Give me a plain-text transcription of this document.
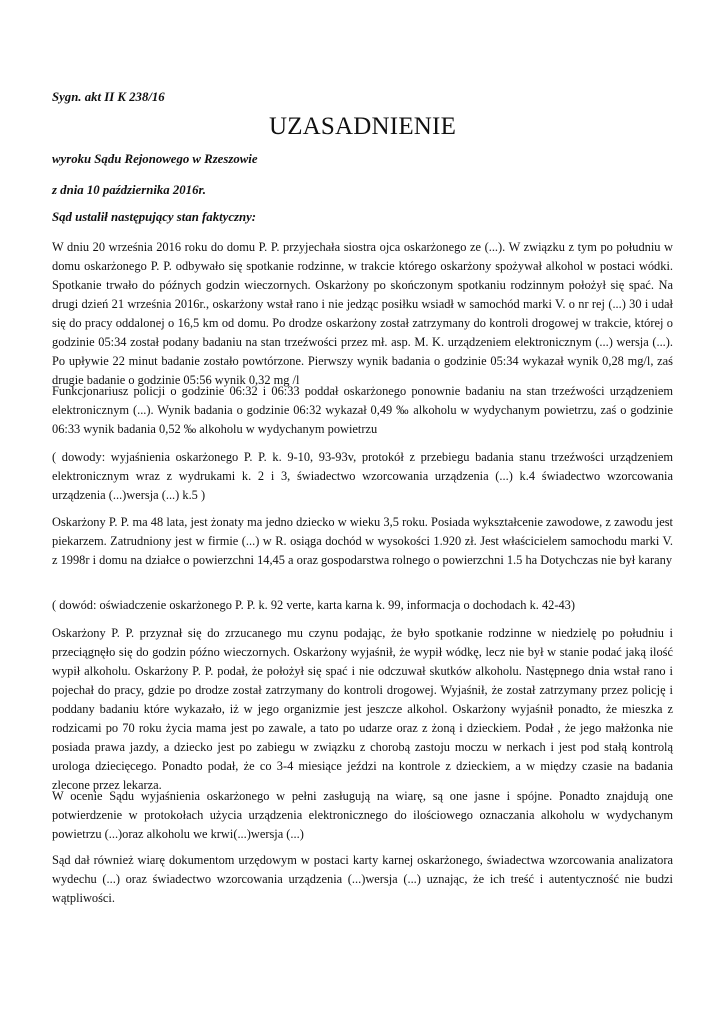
Sygn. akt II K 238/16
UZASADNIENIE
wyroku Sądu Rejonowego w Rzeszowie
z dnia 10 października 2016r.
Sąd ustalił następujący stan faktyczny:

W dniu 20 września 2016 roku do domu P. P. przyjechała siostra ojca oskarżonego ze (...). W związku z tym po południu w domu oskarżonego P. P. odbywało się spotkanie rodzinne, w trakcie którego oskarżony spożywał alkohol w postaci wódki. Spotkanie trwało do późnych godzin wieczornych. Oskarżony po skończonym spotkaniu rodzinnym położył się spać. Na drugi dzień 21 września 2016r., oskarżony wstał rano i nie jedząc posiłku wsiadł w samochód marki V. o nr rej (...) 30 i udał się do pracy oddalonej o 16,5 km od domu. Po drodze oskarżony został zatrzymany do kontroli drogowej w trakcie, której o godzinie 05:34 został podany badaniu na stan trzeźwości przez mł. asp. M. K. urządzeniem elektronicznym (...) wersja (...). Po upływie 22 minut badanie zostało powtórzone. Pierwszy wynik badania o godzinie 05:34 wykazał wynik 0,28 mg/l, zaś drugie badanie o godzinie 05:56 wynik 0,32 mg /l

Funkcjonariusz policji o godzinie 06:32 i 06:33 poddał oskarżonego ponownie badaniu na stan trzeźwości urządzeniem elektronicznym (...). Wynik badania o godzinie 06:32 wykazał 0,49 ‰ alkoholu w wydychanym powietrzu, zaś o godzinie 06:33 wynik badania 0,52 ‰ alkoholu w wydychanym powietrzu

( dowody: wyjaśnienia oskarżonego P. P. k. 9-10, 93-93v, protokół z przebiegu badania stanu trzeźwości urządzeniem elektronicznym wraz z wydrukami k. 2 i 3, świadectwo wzorcowania urządzenia (...) k.4 świadectwo wzorcowania urządzenia (...)wersja (...) k.5 )

Oskarżony P. P. ma 48 lata, jest żonaty ma jedno dziecko w wieku 3,5 roku. Posiada wykształcenie zawodowe, z zawodu jest piekarzem. Zatrudniony jest w firmie (...) w R. osiąga dochód w wysokości 1.920 zł. Jest właścicielem samochodu marki V. z 1998r i domu na działce o powierzchni 14,45 a oraz gospodarstwa rolnego o powierzchni 1.5 ha Dotychczas nie był karany

( dowód: oświadczenie oskarżonego P. P. k. 92 verte, karta karna k. 99, informacja o dochodach k. 42-43)

Oskarżony P. P. przyznał się do zrzucanego mu czynu podając, że było spotkanie rodzinne w niedzielę po południu i przeciągnęło się do godzin późno wieczornych. Oskarżony wyjaśnił, że wypił wódkę, lecz nie był w stanie podać jaką ilość wypił alkoholu. Oskarżony P. P. podał, że położył się spać i nie odczuwał skutków alkoholu. Następnego dnia wstał rano i pojechał do pracy, gdzie po drodze został zatrzymany do kontroli drogowej. Wyjaśnił, że został zatrzymany przez policję i poddany badaniu które wykazało, iż w jego organizmie jest jeszcze alkohol. Oskarżony wyjaśnił ponadto, że mieszka z rodzicami po 70 roku życia mama jest po zawale, a tato po udarze oraz z żoną i dzieckiem. Podał , że jego małżonka nie posiada prawa jazdy, a dziecko jest po zabiegu w związku z chorobą zastoju moczu w nerkach i jest pod stałą kontrolą urologa dziecięcego. Ponadto podał, że co 3-4 miesiące jeździ na kontrole z dzieckiem, a w między czasie na badania zlecone przez lekarza.

W ocenie Sądu wyjaśnienia oskarżonego w pełni zasługują na wiarę, są one jasne i spójne. Ponadto znajdują one potwierdzenie w protokołach użycia urządzenia elektronicznego do ilościowego oznaczania alkoholu w wydychanym powietrzu (...)oraz alkoholu we krwi(...)wersja (...)

Sąd dał również wiarę dokumentom urzędowym w postaci karty karnej oskarżonego, świadectwa wzorcowania analizatora wydechu (...) oraz świadectwo wzorcowania urządzenia (...)wersja (...) uznając, że ich treść i autentyczność nie budzi wątpliwości.
